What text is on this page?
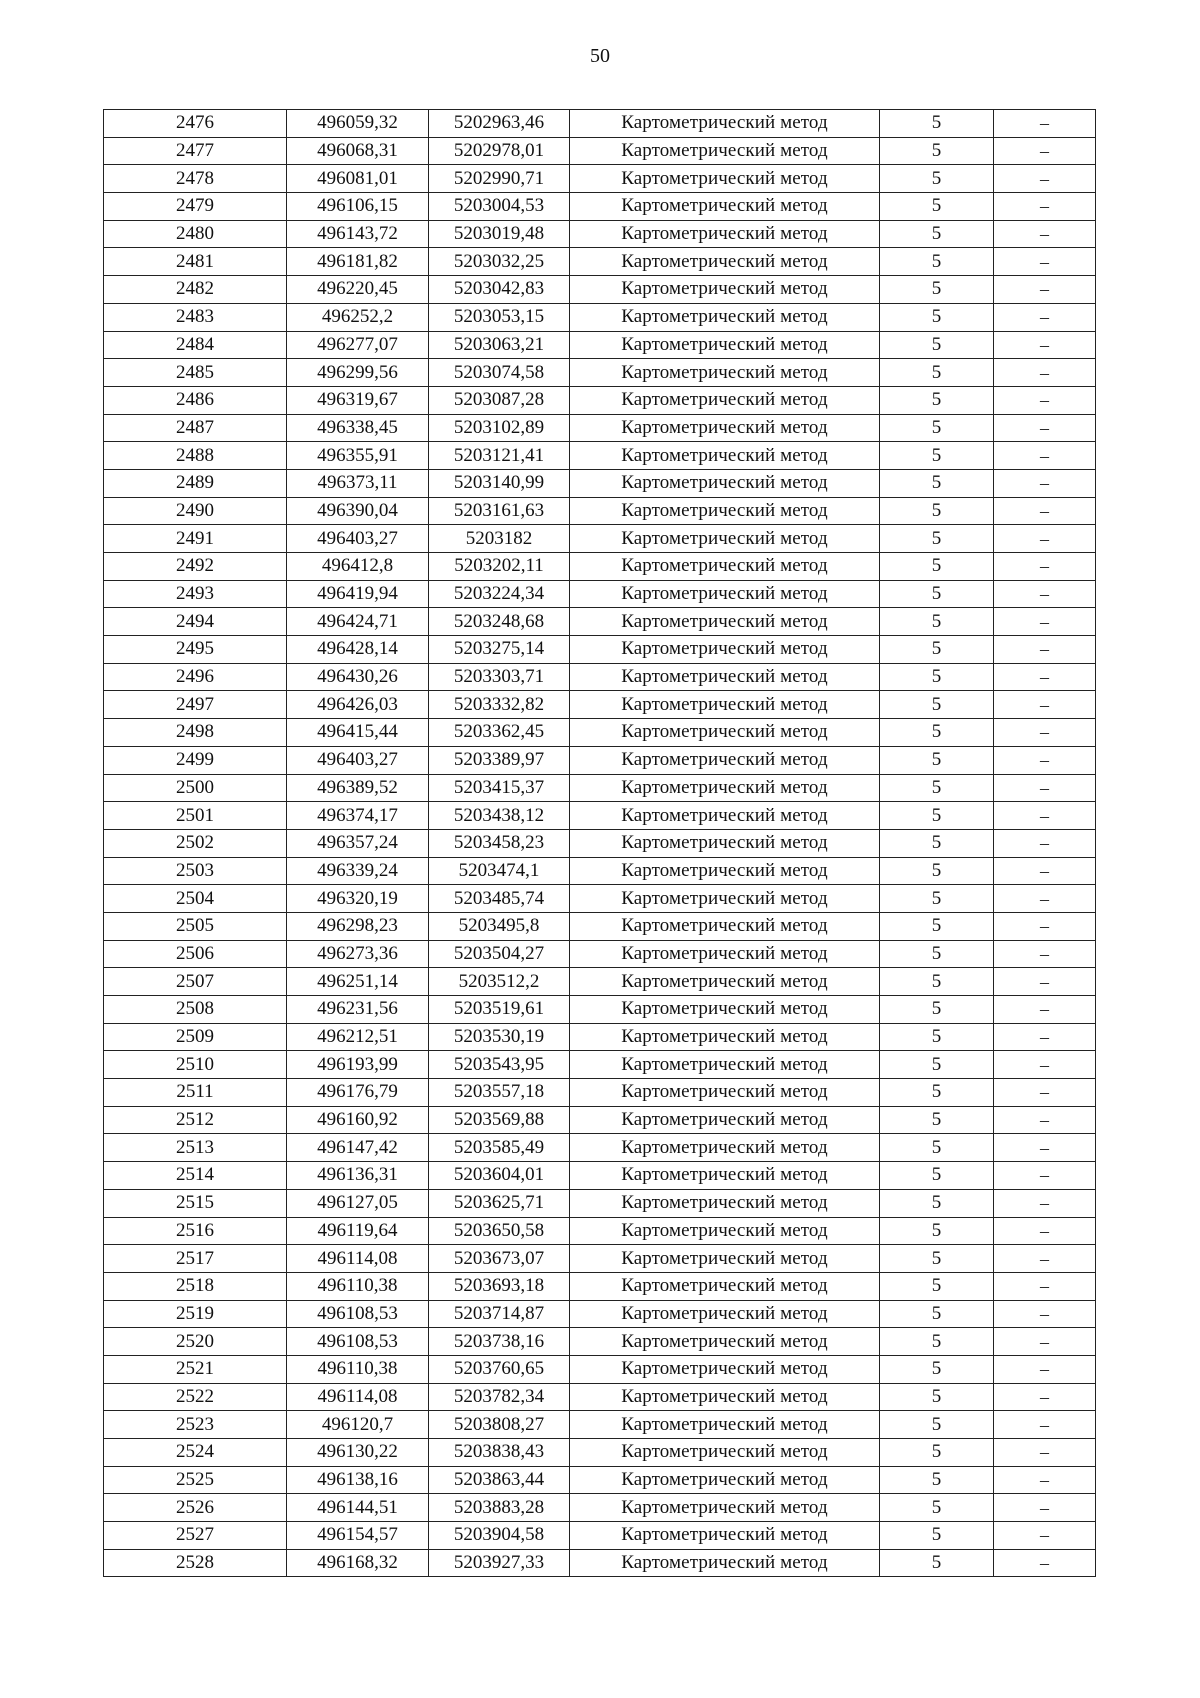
50
2476	496059,32	5202963,46	Картометрический метод	5	–
2477	496068,31	5202978,01	Картометрический метод	5	–
2478	496081,01	5202990,71	Картометрический метод	5	–
2479	496106,15	5203004,53	Картометрический метод	5	–
2480	496143,72	5203019,48	Картометрический метод	5	–
2481	496181,82	5203032,25	Картометрический метод	5	–
2482	496220,45	5203042,83	Картометрический метод	5	–
2483	496252,2	5203053,15	Картометрический метод	5	–
2484	496277,07	5203063,21	Картометрический метод	5	–
2485	496299,56	5203074,58	Картометрический метод	5	–
2486	496319,67	5203087,28	Картометрический метод	5	–
2487	496338,45	5203102,89	Картометрический метод	5	–
2488	496355,91	5203121,41	Картометрический метод	5	–
2489	496373,11	5203140,99	Картометрический метод	5	–
2490	496390,04	5203161,63	Картометрический метод	5	–
2491	496403,27	5203182	Картометрический метод	5	–
2492	496412,8	5203202,11	Картометрический метод	5	–
2493	496419,94	5203224,34	Картометрический метод	5	–
2494	496424,71	5203248,68	Картометрический метод	5	–
2495	496428,14	5203275,14	Картометрический метод	5	–
2496	496430,26	5203303,71	Картометрический метод	5	–
2497	496426,03	5203332,82	Картометрический метод	5	–
2498	496415,44	5203362,45	Картометрический метод	5	–
2499	496403,27	5203389,97	Картометрический метод	5	–
2500	496389,52	5203415,37	Картометрический метод	5	–
2501	496374,17	5203438,12	Картометрический метод	5	–
2502	496357,24	5203458,23	Картометрический метод	5	–
2503	496339,24	5203474,1	Картометрический метод	5	–
2504	496320,19	5203485,74	Картометрический метод	5	–
2505	496298,23	5203495,8	Картометрический метод	5	–
2506	496273,36	5203504,27	Картометрический метод	5	–
2507	496251,14	5203512,2	Картометрический метод	5	–
2508	496231,56	5203519,61	Картометрический метод	5	–
2509	496212,51	5203530,19	Картометрический метод	5	–
2510	496193,99	5203543,95	Картометрический метод	5	–
2511	496176,79	5203557,18	Картометрический метод	5	–
2512	496160,92	5203569,88	Картометрический метод	5	–
2513	496147,42	5203585,49	Картометрический метод	5	–
2514	496136,31	5203604,01	Картометрический метод	5	–
2515	496127,05	5203625,71	Картометрический метод	5	–
2516	496119,64	5203650,58	Картометрический метод	5	–
2517	496114,08	5203673,07	Картометрический метод	5	–
2518	496110,38	5203693,18	Картометрический метод	5	–
2519	496108,53	5203714,87	Картометрический метод	5	–
2520	496108,53	5203738,16	Картометрический метод	5	–
2521	496110,38	5203760,65	Картометрический метод	5	–
2522	496114,08	5203782,34	Картометрический метод	5	–
2523	496120,7	5203808,27	Картометрический метод	5	–
2524	496130,22	5203838,43	Картометрический метод	5	–
2525	496138,16	5203863,44	Картометрический метод	5	–
2526	496144,51	5203883,28	Картометрический метод	5	–
2527	496154,57	5203904,58	Картометрический метод	5	–
2528	496168,32	5203927,33	Картометрический метод	5	–
